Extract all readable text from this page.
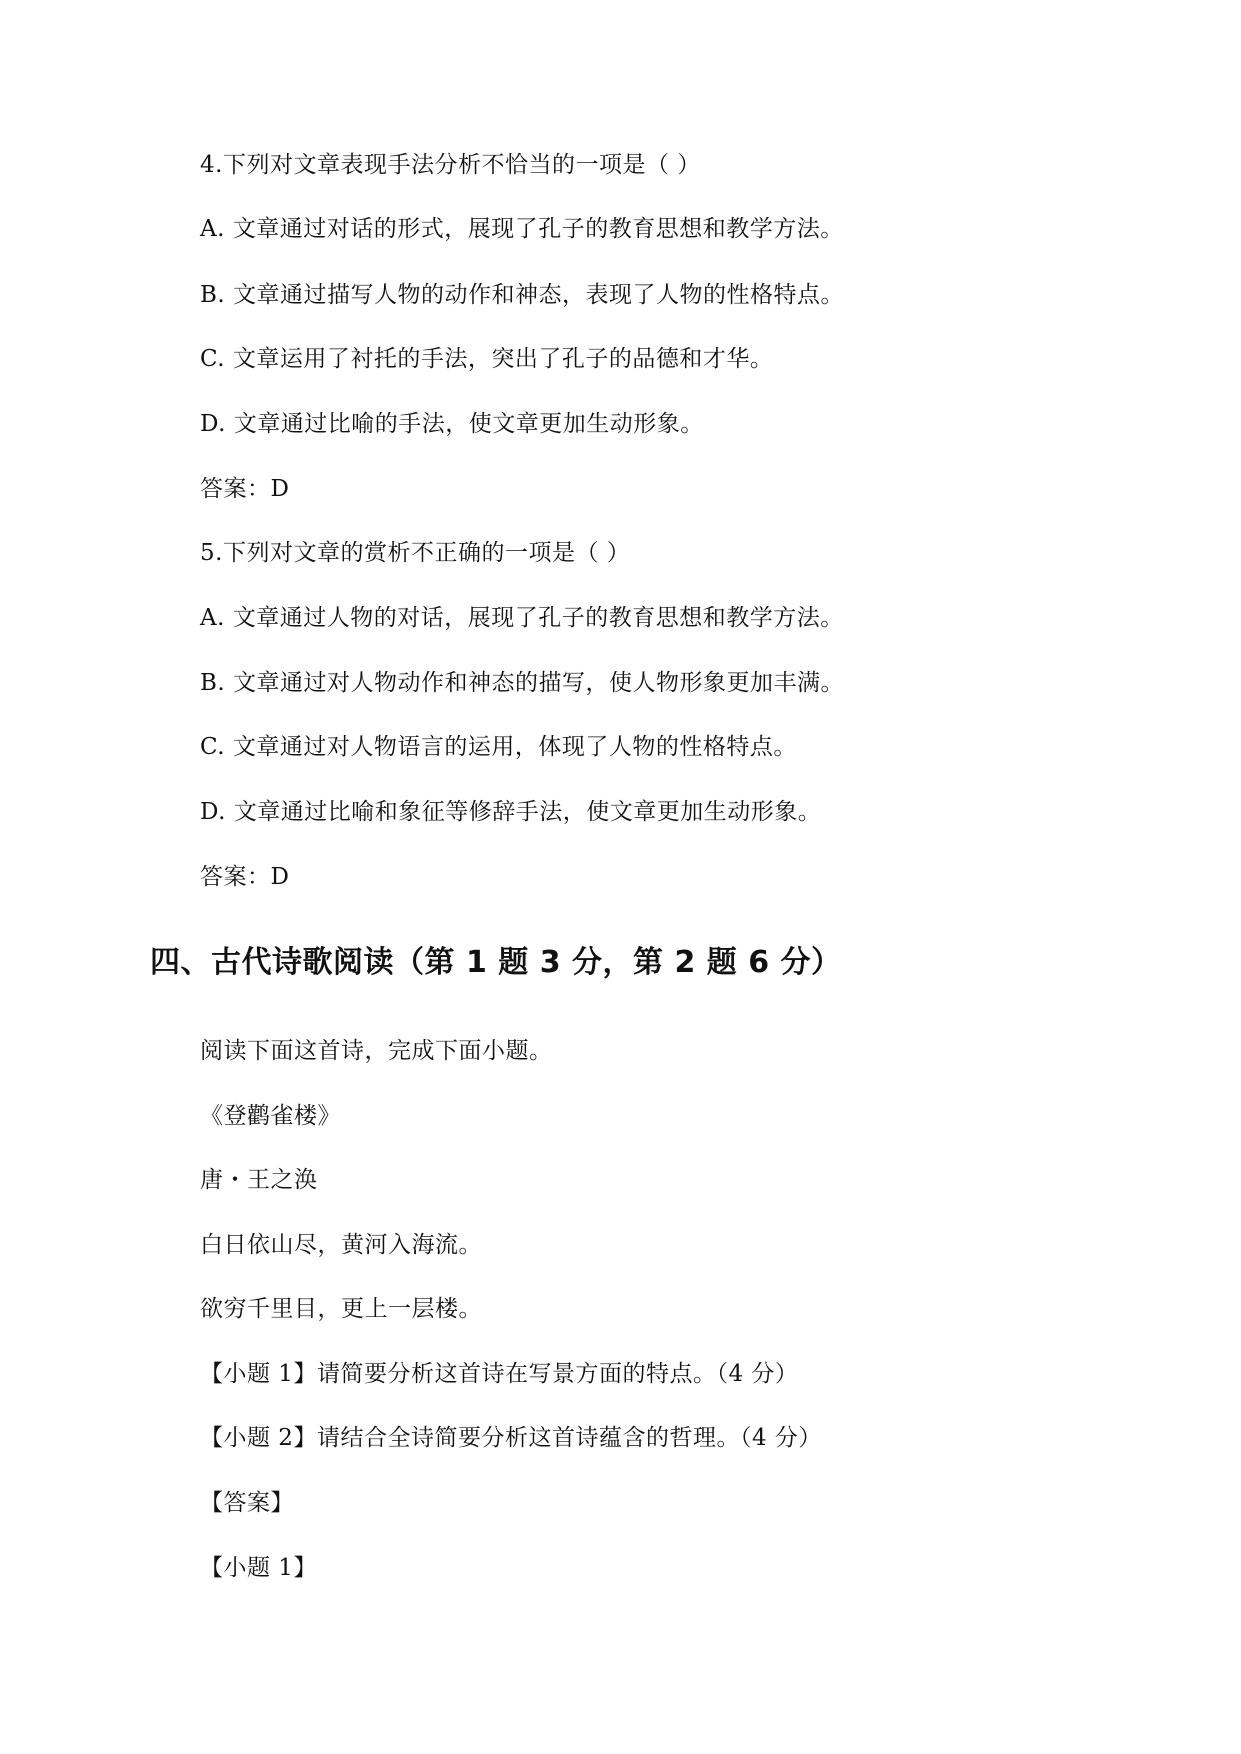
4.下列对文章表现手法分析不恰当的一项是（ ）
A. 文章通过对话的形式，展现了孔子的教育思想和教学方法。
B. 文章通过描写人物的动作和神态，表现了人物的性格特点。
C. 文章运用了衬托的手法，突出了孔子的品德和才华。
D. 文章通过比喻的手法，使文章更加生动形象。
答案：D
5.下列对文章的赏析不正确的一项是（ ）
A. 文章通过人物的对话，展现了孔子的教育思想和教学方法。
B. 文章通过对人物动作和神态的描写，使人物形象更加丰满。
C. 文章通过对人物语言的运用，体现了人物的性格特点。
D. 文章通过比喻和象征等修辞手法，使文章更加生动形象。
答案：D
四、古代诗歌阅读（第 1 题 3 分，第 2 题 6 分）
阅读下面这首诗，完成下面小题。
《登鹳雀楼》
唐・王之涣
白日依山尽，黄河入海流。
欲穷千里目，更上一层楼。
【小题 1】请简要分析这首诗在写景方面的特点。（4 分）
【小题 2】请结合全诗简要分析这首诗蕴含的哲理。（4 分）
【答案】
【小题 1】
